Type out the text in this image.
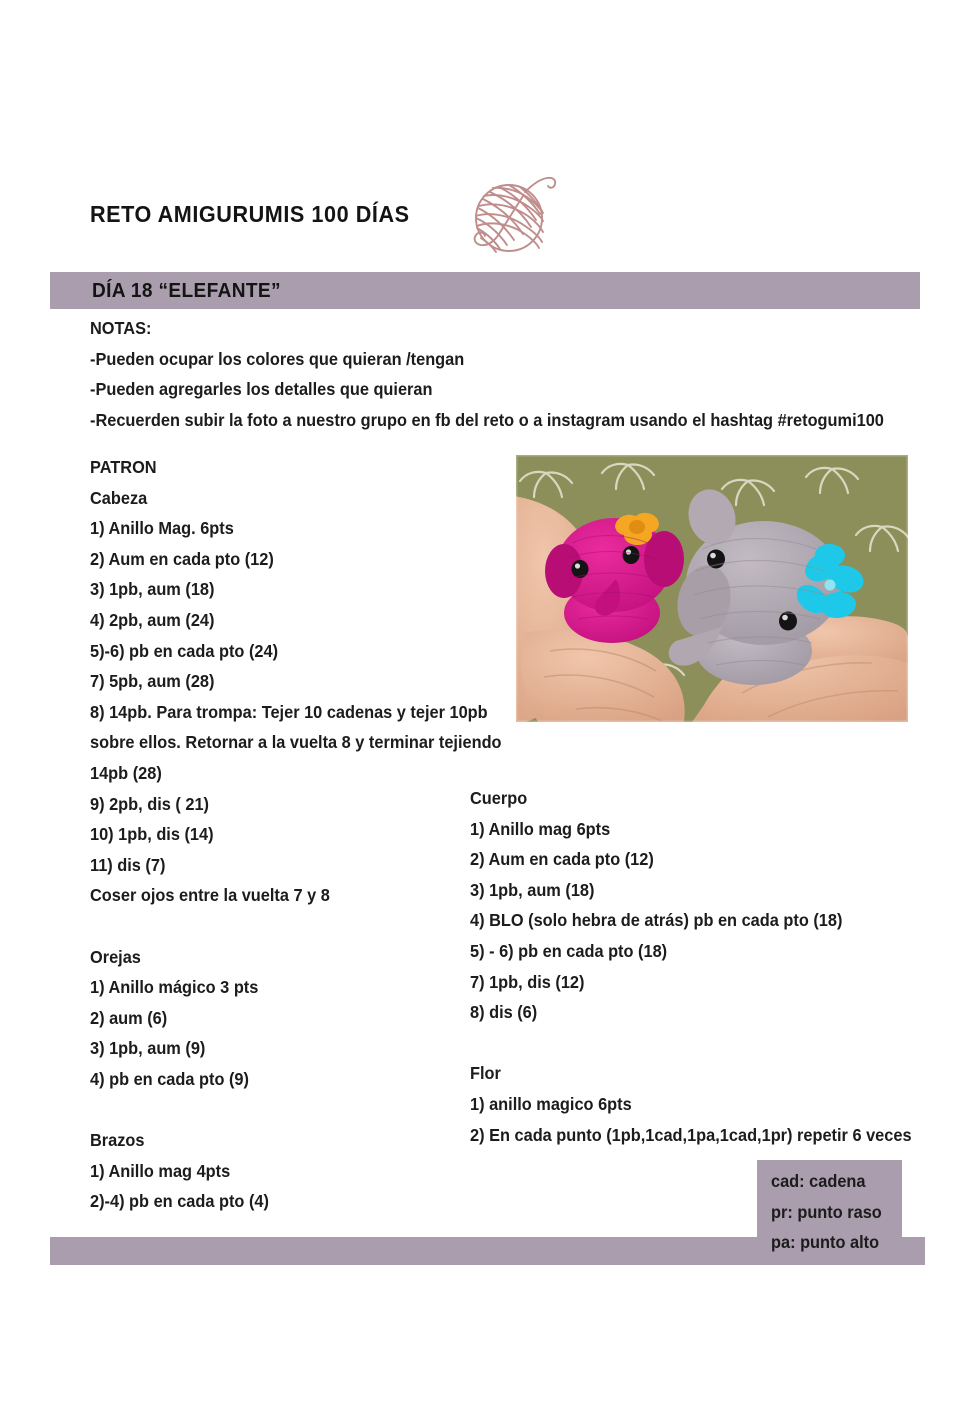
RETO AMIGURUMIS 100 DÍAS
DÍA 18 “ELEFANTE”
NOTAS:
-Pueden ocupar los colores que quieran /tengan
-Pueden agregarles los detalles que quieran
-Recuerden subir la foto a nuestro grupo en fb del reto o a instagram usando el hashtag #retogumi100
PATRON
Cabeza
1) Anillo Mag. 6pts
2) Aum en cada pto (12)
3) 1pb, aum (18)
4) 2pb, aum (24)
5)-6) pb en cada pto (24)
7) 5pb, aum (28)
8) 14pb. Para trompa: Tejer 10 cadenas y tejer 10pb
sobre ellos. Retornar a la vuelta 8 y terminar tejiendo
14pb (28)
9) 2pb, dis ( 21)
10) 1pb, dis (14)
11) dis (7)
Coser ojos entre la vuelta 7 y 8
Orejas
1) Anillo mágico 3 pts
2) aum (6)
3) 1pb, aum (9)
4) pb en cada pto (9)
Brazos
1) Anillo mag 4pts
2)-4) pb en cada pto (4)
Cuerpo
1) Anillo mag 6pts
2) Aum en cada pto (12)
3) 1pb, aum (18)
4) BLO (solo hebra de atrás) pb en cada pto (18)
5) - 6) pb en cada pto (18)
7) 1pb, dis (12)
8) dis (6)
Flor
1) anillo magico 6pts
2) En cada punto (1pb,1cad,1pa,1cad,1pr) repetir 6 veces
cad: cadena
pr: punto raso
pa: punto alto
